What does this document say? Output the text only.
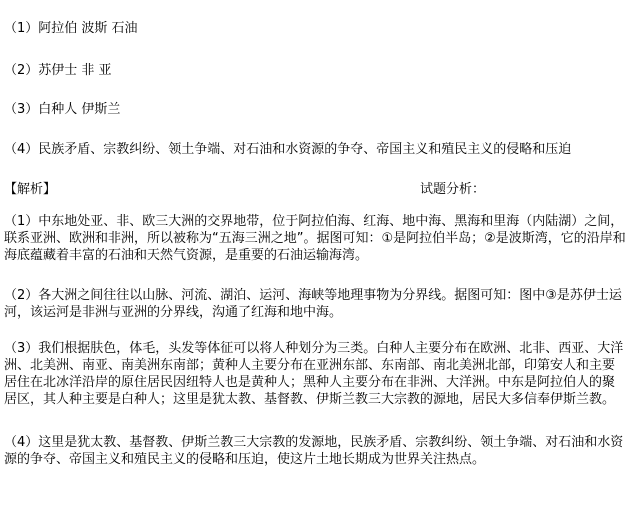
（1）阿拉伯 波斯 石油
（2）苏伊士 非 亚
（3）白种人 伊斯兰
（4）民族矛盾、宗教纠纷、领土争端、对石油和水资源的争夺、帝国主义和殖民主义的侵略和压迫
【解析】	试题分析：
（1）中东地处亚、非、欧三大洲的交界地带，位于阿拉伯海、红海、地中海、黑海和里海（内陆湖）之间，联系亚洲、欧洲和非洲，所以被称为“五海三洲之地”。据图可知：①是阿拉伯半岛；②是波斯湾，它的沿岸和海底蕴藏着丰富的石油和天然气资源，是重要的石油运输海湾。
（2）各大洲之间往往以山脉、河流、湖泊、运河、海峡等地理事物为分界线。据图可知：图中③是苏伊士运河，该运河是非洲与亚洲的分界线，沟通了红海和地中海。
（3）我们根据肤色，体毛，头发等体征可以将人种划分为三类。白种人主要分布在欧洲、北非、西亚、大洋洲、北美洲、南亚、南美洲东南部；黄种人主要分布在亚洲东部、东南部、南北美洲北部，印第安人和主要居住在北冰洋沿岸的原住居民因纽特人也是黄种人；黑种人主要分布在非洲、大洋洲。中东是阿拉伯人的聚居区，其人种主要是白种人；这里是犹太教、基督教、伊斯兰教三大宗教的源地，居民大多信奉伊斯兰教。
（4）这里是犹太教、基督教、伊斯兰教三大宗教的发源地，民族矛盾、宗教纠纷、领土争端、对石油和水资源的争夺、帝国主义和殖民主义的侵略和压迫，使这片土地长期成为世界关注热点。
